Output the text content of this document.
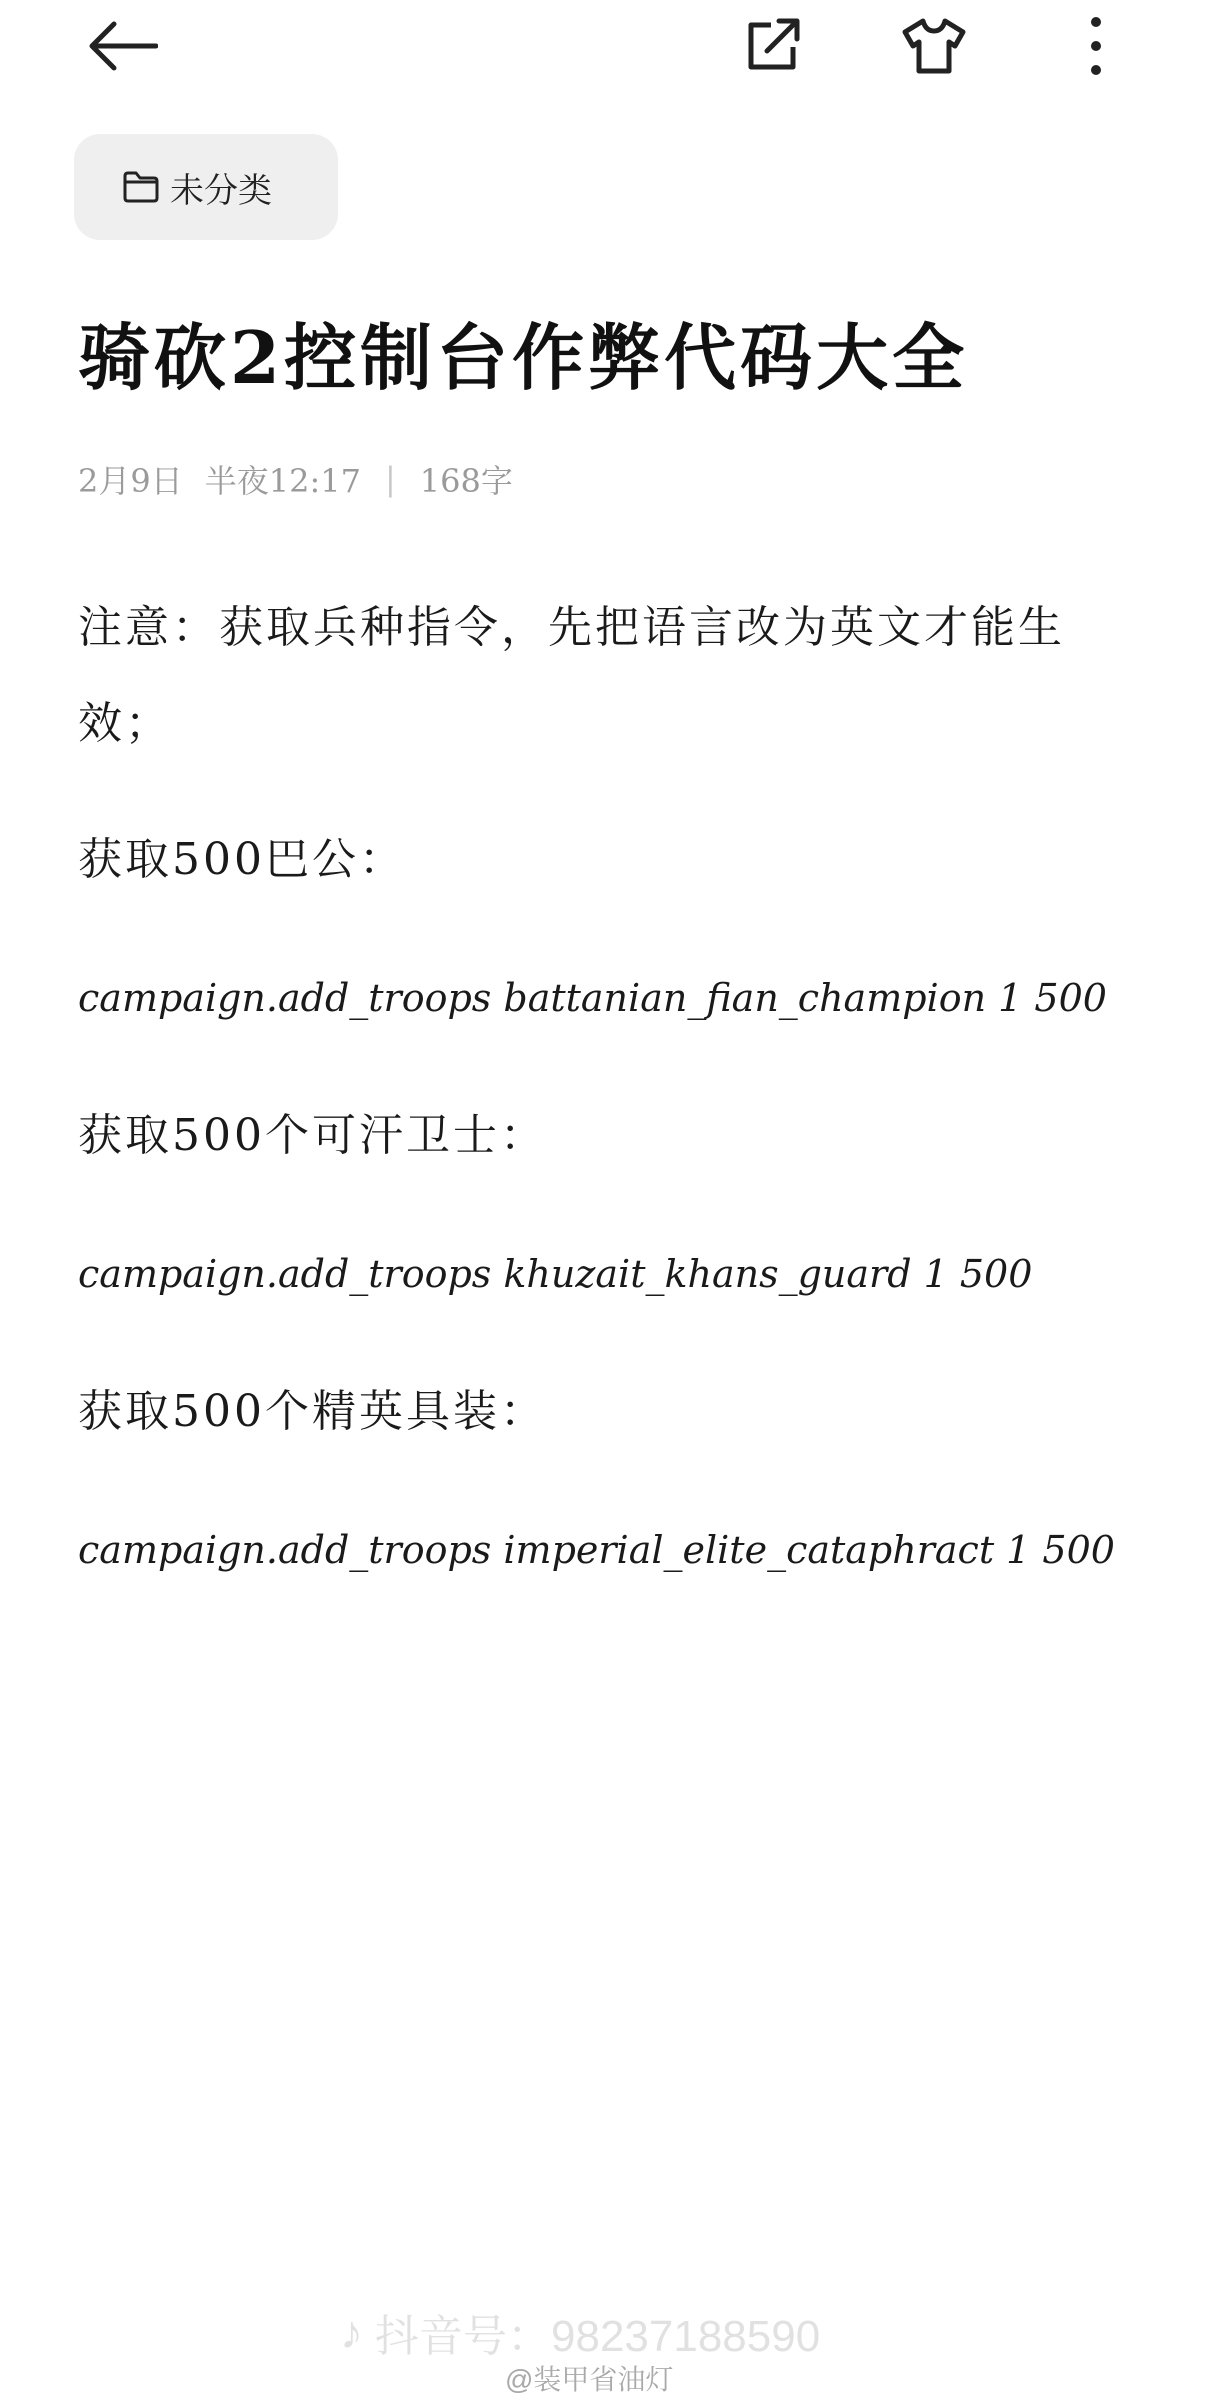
未分类
骑砍2控制台作弊代码大全
2月9日 半夜12:17 | 168字

注意：获取兵种指令，先把语言改为英文才能生效；

获取500巴公：

campaign.add_troops battanian_fian_champion 1 500

获取500个可汗卫士：

campaign.add_troops khuzait_khans_guard 1 500

获取500个精英具装：

campaign.add_troops imperial_elite_cataphract 1 500

♪ 抖音号：98237188590
@装甲省油灯
